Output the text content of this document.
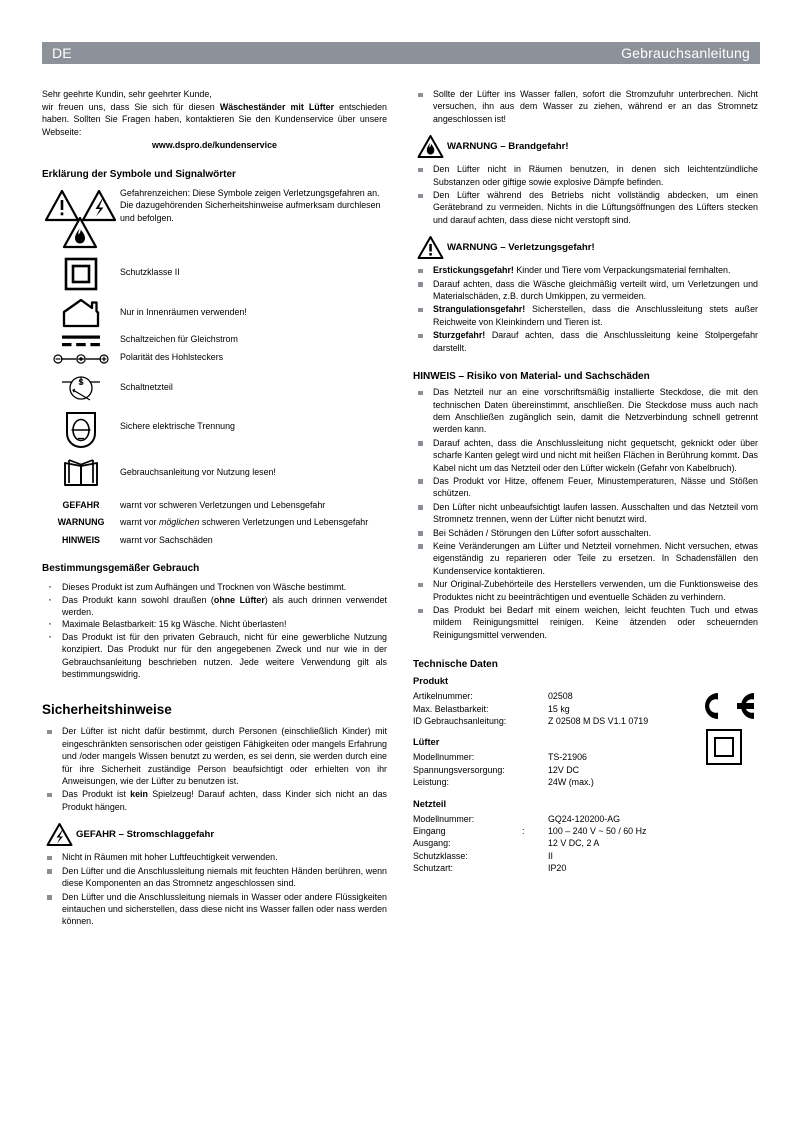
DE	Gebrauchsanleitung

Sehr geehrte Kundin, sehr geehrter Kunde,

wir freuen uns, dass Sie sich für diesen Wäscheständer mit Lüfter entschieden haben. Sollten Sie Fragen haben, kontaktieren Sie den Kundenservice über unsere Webseite:

www.dspro.de/kundenservice

Erklärung der Symbole und Signalwörter
Gefahrenzeichen: Diese Symbole zeigen Verletzungsgefahren an. Die dazugehörenden Sicherheitshinweise aufmerksam durchlesen und befolgen.
Schutzklasse II
Nur in Innenräumen verwenden!
Schaltzeichen für Gleichstrom
Polarität des Hohlsteckers
S	Schaltnetzteil
Sichere elektrische Trennung
Gebrauchsanleitung vor Nutzung lesen!
GEFAHR	warnt vor schweren Verletzungen und Lebensgefahr
WARNUNG	warnt vor möglichen schweren Verletzungen und Lebensgefahr
HINWEIS	warnt vor Sachschäden
Bestimmungsgemäßer Gebrauch
· Dieses Produkt ist zum Aufhängen und Trocknen von Wäsche bestimmt.
· Das Produkt kann sowohl draußen (ohne Lüfter) als auch drinnen verwendet werden.
· Maximale Belastbarkeit: 15 kg Wäsche. Nicht überlasten!
· Das Produkt ist für den privaten Gebrauch, nicht für eine gewerbliche Nutzung konzipiert. Das Produkt nur für den angegebenen Zweck und nur wie in der Gebrauchsanleitung beschrieben nutzen. Jede weitere Verwendung gilt als bestimmungswidrig.
Sicherheitshinweise
Der Lüfter ist nicht dafür bestimmt, durch Personen (einschließlich Kinder) mit eingeschränkten sensorischen oder geistigen Fähigkeiten oder mangels Erfahrung und /oder mangels Wissen benutzt zu werden, es sei denn, sie werden durch eine für ihre Sicherheit zuständige Person beaufsichtigt oder erhielten von ihr Anweisungen, wie der Lüfter zu benutzen ist.
Das Produkt ist kein Spielzeug! Darauf achten, dass Kinder sich nicht an das Produkt hängen.
GEFAHR – Stromschlaggefahr
Nicht in Räumen mit hoher Luftfeuchtigkeit verwenden.
Den Lüfter und die Anschlussleitung niemals mit feuchten Händen berühren, wenn diese Komponenten an das Stromnetz angeschlossen sind.
Den Lüfter und die Anschlussleitung niemals in Wasser oder andere Flüssigkeiten eintauchen und sicherstellen, dass diese nicht ins Wasser fallen oder nass werden können.
Sollte der Lüfter ins Wasser fallen, sofort die Stromzufuhr unterbrechen. Nicht versuchen, ihn aus dem Wasser zu ziehen, während er an das Stromnetz angeschlossen ist!
WARNUNG – Brandgefahr!
Den Lüfter nicht in Räumen benutzen, in denen sich leichtentzündliche Substanzen oder giftige sowie explosive Dämpfe befinden.
Den Lüfter während des Betriebs nicht vollständig abdecken, um einen Gerätebrand zu vermeiden. Nichts in die Lüftungsöffnungen des Lüfters stecken und darauf achten, dass diese nicht verstopft sind.
WARNUNG – Verletzungsgefahr!
Erstickungsgefahr! Kinder und Tiere vom Verpackungsmaterial fernhalten.
Darauf achten, dass die Wäsche gleichmäßig verteilt wird, um Verletzungen und Materialschäden, z.B. durch Umkippen, zu vermeiden.
Strangulationsgefahr! Sicherstellen, dass die Anschlussleitung stets außer Reichweite von Kleinkindern und Tieren ist.
Sturzgefahr! Darauf achten, dass die Anschlussleitung keine Stolpergefahr darstellt.
HINWEIS – Risiko von Material- und Sachschäden
Das Netzteil nur an eine vorschriftsmäßig installierte Steckdose, die mit den technischen Daten übereinstimmt, anschließen. Die Steckdose muss auch nach dem Anschließen zugänglich sein, damit die Netzverbindung schnell getrennt werden kann.
Darauf achten, dass die Anschlussleitung nicht gequetscht, geknickt oder über scharfe Kanten gelegt wird und nicht mit heißen Flächen in Berührung kommt. Das Kabel nicht um das Netzteil oder den Lüfter wickeln (Gefahr von Kabelbruch).
Das Produkt vor Hitze, offenem Feuer, Minustemperaturen, Nässe und Stößen schützen.
Den Lüfter nicht unbeaufsichtigt laufen lassen. Ausschalten und das Netzteil vom Stromnetz trennen, wenn der Lüfter nicht benutzt wird.
Bei Schäden / Störungen den Lüfter sofort ausschalten.
Keine Veränderungen am Lüfter und Netzteil vornehmen. Nicht versuchen, etwas eigenständig zu reparieren oder Teile zu ersetzen. In Schadensfällen den Kundenservice kontaktieren.
Nur Original-Zubehörteile des Herstellers verwenden, um die Funktionsweise des Produktes nicht zu beeinträchtigen und eventuelle Schäden zu verhindern.
Das Produkt bei Bedarf mit einem weichen, leicht feuchten Tuch und etwas mildem Reinigungsmittel reinigen. Keine ätzenden oder scheuernden Reinigungsmittel verwenden.
Technische Daten
Produkt
Artikelnummer:	02508
Max. Belastbarkeit:	15 kg
ID Gebrauchsanleitung:	Z 02508 M DS V1.1 0719
Lüfter
Modellnummer:	TS-21906
Spannungsversorgung:	12V DC
Leistung:	24W (max.)
Netzteil
Modellnummer:	GQ24-120200-AG
Eingang	:	100 – 240 V ~ 50 / 60 Hz
Ausgang:	12 V DC, 2 A
Schutzklasse:	II
Schutzart:	IP20
